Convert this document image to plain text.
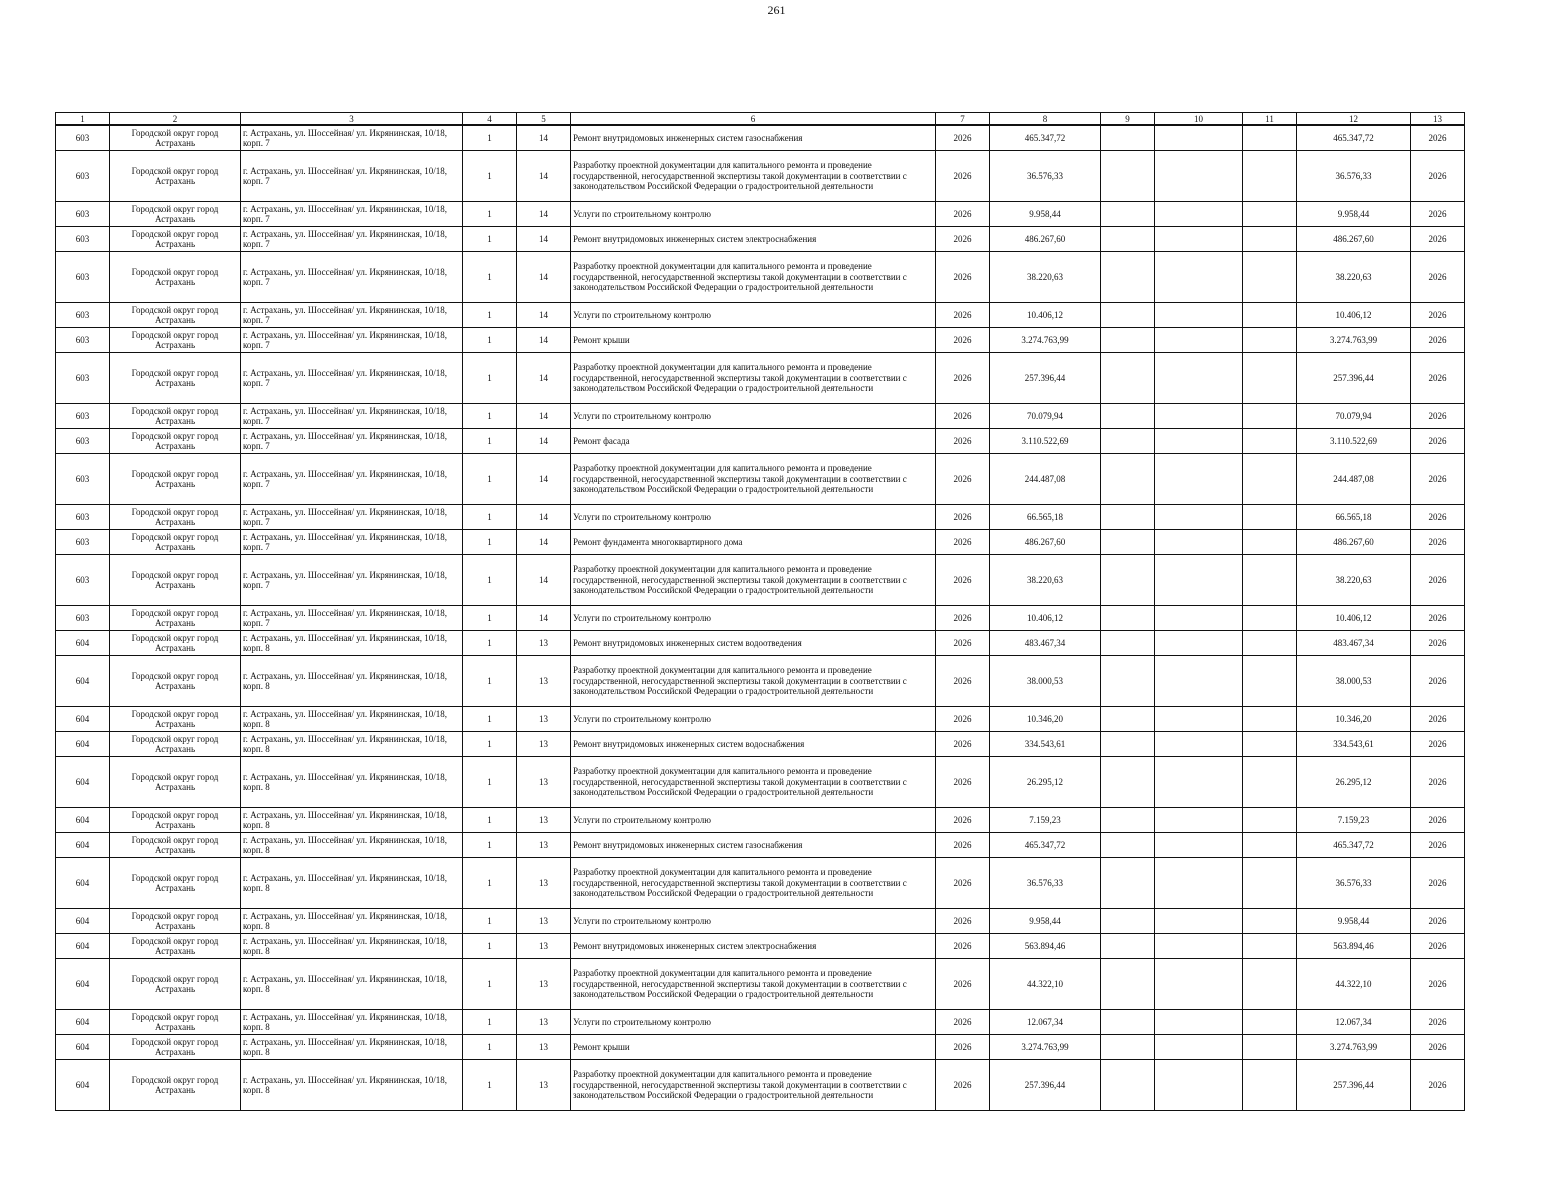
261
1	2	3	4	5	6	7	8	9	10	11	12	13
603	Городской округ город Астрахань	г. Астрахань, ул. Шоссейная/ ул. Икрянинская, 10/18, корп. 7	1	14	Ремонт внутридомовых инженерных систем газоснабжения	2026	465.347,72				465.347,72	2026
603	Городской округ город Астрахань	г. Астрахань, ул. Шоссейная/ ул. Икрянинская, 10/18, корп. 7	1	14	Разработку проектной документации для капитального ремонта и проведение государственной, негосударственной экспертизы такой документации в соответствии с законодательством Российской Федерации о градостроительной деятельности	2026	36.576,33				36.576,33	2026
603	Городской округ город Астрахань	г. Астрахань, ул. Шоссейная/ ул. Икрянинская, 10/18, корп. 7	1	14	Услуги по строительному контролю	2026	9.958,44				9.958,44	2026
603	Городской округ город Астрахань	г. Астрахань, ул. Шоссейная/ ул. Икрянинская, 10/18, корп. 7	1	14	Ремонт внутридомовых инженерных систем электроснабжения	2026	486.267,60				486.267,60	2026
603	Городской округ город Астрахань	г. Астрахань, ул. Шоссейная/ ул. Икрянинская, 10/18, корп. 7	1	14	Разработку проектной документации для капитального ремонта и проведение государственной, негосударственной экспертизы такой документации в соответствии с законодательством Российской Федерации о градостроительной деятельности	2026	38.220,63				38.220,63	2026
603	Городской округ город Астрахань	г. Астрахань, ул. Шоссейная/ ул. Икрянинская, 10/18, корп. 7	1	14	Услуги по строительному контролю	2026	10.406,12				10.406,12	2026
603	Городской округ город Астрахань	г. Астрахань, ул. Шоссейная/ ул. Икрянинская, 10/18, корп. 7	1	14	Ремонт крыши	2026	3.274.763,99				3.274.763,99	2026
603	Городской округ город Астрахань	г. Астрахань, ул. Шоссейная/ ул. Икрянинская, 10/18, корп. 7	1	14	Разработку проектной документации для капитального ремонта и проведение государственной, негосударственной экспертизы такой документации в соответствии с законодательством Российской Федерации о градостроительной деятельности	2026	257.396,44				257.396,44	2026
603	Городской округ город Астрахань	г. Астрахань, ул. Шоссейная/ ул. Икрянинская, 10/18, корп. 7	1	14	Услуги по строительному контролю	2026	70.079,94				70.079,94	2026
603	Городской округ город Астрахань	г. Астрахань, ул. Шоссейная/ ул. Икрянинская, 10/18, корп. 7	1	14	Ремонт фасада	2026	3.110.522,69				3.110.522,69	2026
603	Городской округ город Астрахань	г. Астрахань, ул. Шоссейная/ ул. Икрянинская, 10/18, корп. 7	1	14	Разработку проектной документации для капитального ремонта и проведение государственной, негосударственной экспертизы такой документации в соответствии с законодательством Российской Федерации о градостроительной деятельности	2026	244.487,08				244.487,08	2026
603	Городской округ город Астрахань	г. Астрахань, ул. Шоссейная/ ул. Икрянинская, 10/18, корп. 7	1	14	Услуги по строительному контролю	2026	66.565,18				66.565,18	2026
603	Городской округ город Астрахань	г. Астрахань, ул. Шоссейная/ ул. Икрянинская, 10/18, корп. 7	1	14	Ремонт фундамента многоквартирного дома	2026	486.267,60				486.267,60	2026
603	Городской округ город Астрахань	г. Астрахань, ул. Шоссейная/ ул. Икрянинская, 10/18, корп. 7	1	14	Разработку проектной документации для капитального ремонта и проведение государственной, негосударственной экспертизы такой документации в соответствии с законодательством Российской Федерации о градостроительной деятельности	2026	38.220,63				38.220,63	2026
603	Городской округ город Астрахань	г. Астрахань, ул. Шоссейная/ ул. Икрянинская, 10/18, корп. 7	1	14	Услуги по строительному контролю	2026	10.406,12				10.406,12	2026
604	Городской округ город Астрахань	г. Астрахань, ул. Шоссейная/ ул. Икрянинская, 10/18, корп. 8	1	13	Ремонт внутридомовых инженерных систем водоотведения	2026	483.467,34				483.467,34	2026
604	Городской округ город Астрахань	г. Астрахань, ул. Шоссейная/ ул. Икрянинская, 10/18, корп. 8	1	13	Разработку проектной документации для капитального ремонта и проведение государственной, негосударственной экспертизы такой документации в соответствии с законодательством Российской Федерации о градостроительной деятельности	2026	38.000,53				38.000,53	2026
604	Городской округ город Астрахань	г. Астрахань, ул. Шоссейная/ ул. Икрянинская, 10/18, корп. 8	1	13	Услуги по строительному контролю	2026	10.346,20				10.346,20	2026
604	Городской округ город Астрахань	г. Астрахань, ул. Шоссейная/ ул. Икрянинская, 10/18, корп. 8	1	13	Ремонт внутридомовых инженерных систем водоснабжения	2026	334.543,61				334.543,61	2026
604	Городской округ город Астрахань	г. Астрахань, ул. Шоссейная/ ул. Икрянинская, 10/18, корп. 8	1	13	Разработку проектной документации для капитального ремонта и проведение государственной, негосударственной экспертизы такой документации в соответствии с законодательством Российской Федерации о градостроительной деятельности	2026	26.295,12				26.295,12	2026
604	Городской округ город Астрахань	г. Астрахань, ул. Шоссейная/ ул. Икрянинская, 10/18, корп. 8	1	13	Услуги по строительному контролю	2026	7.159,23				7.159,23	2026
604	Городской округ город Астрахань	г. Астрахань, ул. Шоссейная/ ул. Икрянинская, 10/18, корп. 8	1	13	Ремонт внутридомовых инженерных систем газоснабжения	2026	465.347,72				465.347,72	2026
604	Городской округ город Астрахань	г. Астрахань, ул. Шоссейная/ ул. Икрянинская, 10/18, корп. 8	1	13	Разработку проектной документации для капитального ремонта и проведение государственной, негосударственной экспертизы такой документации в соответствии с законодательством Российской Федерации о градостроительной деятельности	2026	36.576,33				36.576,33	2026
604	Городской округ город Астрахань	г. Астрахань, ул. Шоссейная/ ул. Икрянинская, 10/18, корп. 8	1	13	Услуги по строительному контролю	2026	9.958,44				9.958,44	2026
604	Городской округ город Астрахань	г. Астрахань, ул. Шоссейная/ ул. Икрянинская, 10/18, корп. 8	1	13	Ремонт внутридомовых инженерных систем электроснабжения	2026	563.894,46				563.894,46	2026
604	Городской округ город Астрахань	г. Астрахань, ул. Шоссейная/ ул. Икрянинская, 10/18, корп. 8	1	13	Разработку проектной документации для капитального ремонта и проведение государственной, негосударственной экспертизы такой документации в соответствии с законодательством Российской Федерации о градостроительной деятельности	2026	44.322,10				44.322,10	2026
604	Городской округ город Астрахань	г. Астрахань, ул. Шоссейная/ ул. Икрянинская, 10/18, корп. 8	1	13	Услуги по строительному контролю	2026	12.067,34				12.067,34	2026
604	Городской округ город Астрахань	г. Астрахань, ул. Шоссейная/ ул. Икрянинская, 10/18, корп. 8	1	13	Ремонт крыши	2026	3.274.763,99				3.274.763,99	2026
604	Городской округ город Астрахань	г. Астрахань, ул. Шоссейная/ ул. Икрянинская, 10/18, корп. 8	1	13	Разработку проектной документации для капитального ремонта и проведение государственной, негосударственной экспертизы такой документации в соответствии с законодательством Российской Федерации о градостроительной деятельности	2026	257.396,44				257.396,44	2026
